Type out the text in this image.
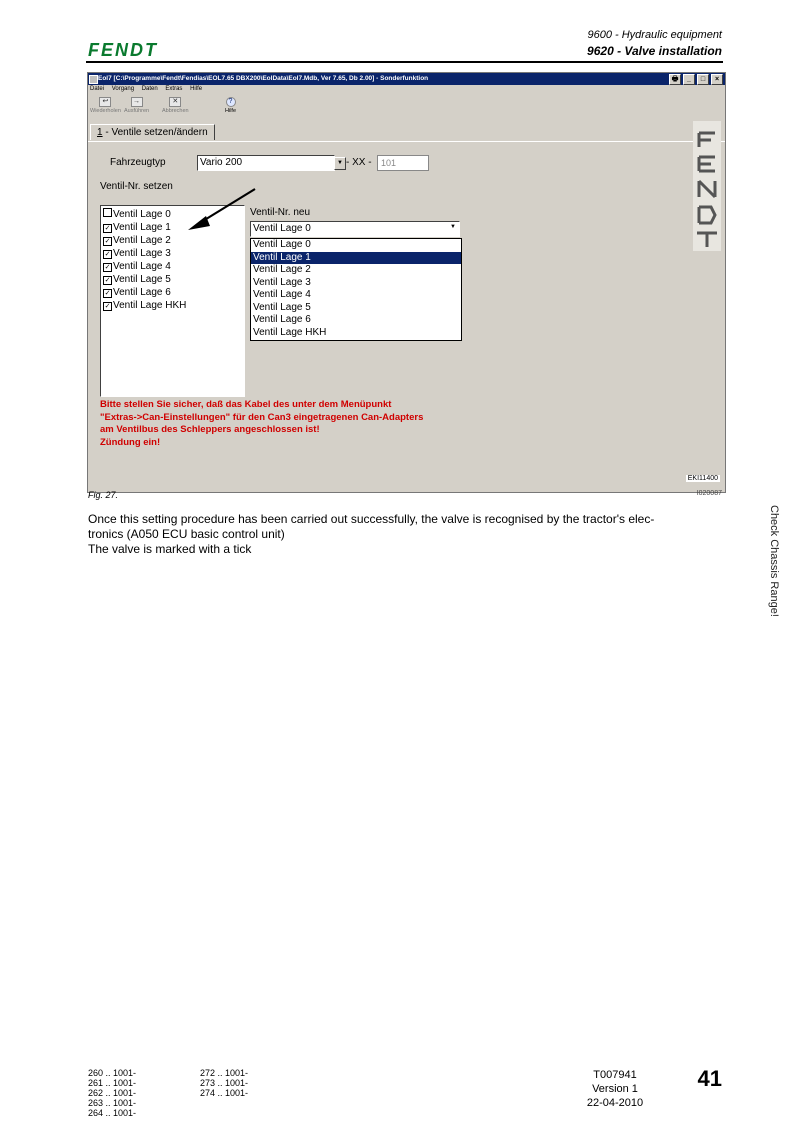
FENDT
9600 - Hydraulic equipment
9620 - Valve installation
Eol7 [C:\Programme\Fendt\Fendias\EOL7.65 DBX200\EolData\Eol7.Mdb, Ver 7.65, Db 2.00] - Sonderfunktion	🖶 _ □ ×
Datei Vorgang Daten Extras Hilfe
↩
Wiederholen
→
Ausführen
✕
Abbrechen
?
Hilfe
1 - Ventile setzen/ändern
Fahrzeugtyp	Vario 200	▼ - XX -	101
Ventil-Nr. setzen
Ventil Lage 0
✓ Ventil Lage 1
✓ Ventil Lage 2
✓ Ventil Lage 3
✓ Ventil Lage 4
✓ Ventil Lage 5
✓ Ventil Lage 6
✓ Ventil Lage HKH
Ventil-Nr. neu
Ventil Lage 0	▼
Ventil Lage 0
Ventil Lage 1
Ventil Lage 2
Ventil Lage 3
Ventil Lage 4
Ventil Lage 5
Ventil Lage 6
Ventil Lage HKH
Bitte stellen Sie sicher, daß das Kabel des unter dem Menüpunkt
"Extras->Can-Einstellungen" für den Can3 eingetragenen Can-Adapters
am Ventilbus des Schleppers angeschlossen ist!
Zündung ein!
EKI11400
Fig. 27.	I020087
Once this setting procedure has been carried out successfully, the valve is recognised by the tractor's elec-
tronics (A050 ECU basic control unit)
The valve is marked with a tick	Check Chassis Range!
260 .. 1001-
261 .. 1001-
262 .. 1001-
263 .. 1001-
264 .. 1001-
272 .. 1001-
273 .. 1001-
274 .. 1001-
T007941
Version 1
22-04-2010
41
